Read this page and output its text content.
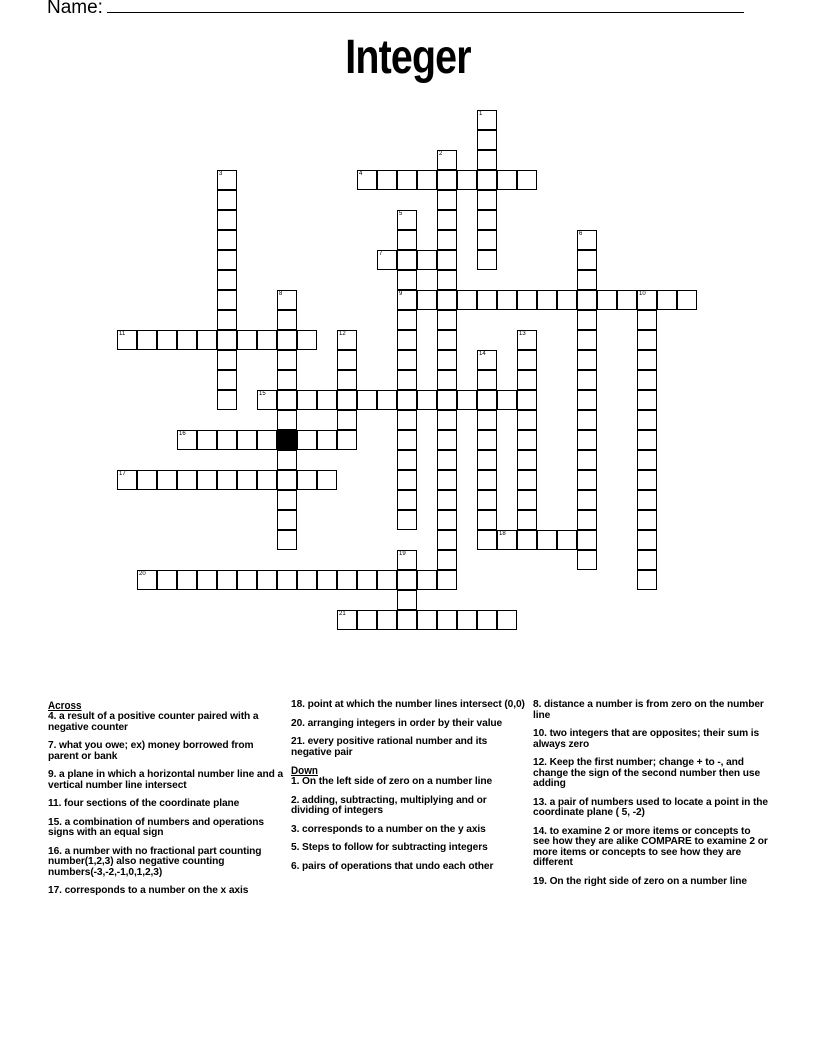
Name:
Integer
1
2
3	4
5
9
6
7
8	10
11	12	13
14
15
16
17
18
19
20
21

Across

4. a result of a positive counter paired with a negative counter

7. what you owe; ex) money borrowed from parent or bank

9. a plane in which a horizontal number line and a vertical number line intersect

11. four sections of the coordinate plane

15. a combination of numbers and operations signs with an equal sign

16. a number with no fractional part counting number(1,2,3) also negative counting numbers(-3,-2,-1,0,1,2,3)

17. corresponds to a number on the x axis

18. point at which the number lines intersect (0,0)

20. arranging integers in order by their value

21. every positive rational number and its negative pair

Down

1. On the left side of zero on a number line

2. adding, subtracting, multiplying and or dividing of integers

3. corresponds to a number on the y axis

5. Steps to follow for subtracting integers

6. pairs of operations that undo each other

8. distance a number is from zero on the number line

10. two integers that are opposites; their sum is always zero

12. Keep the first number; change + to -, and change the sign of the second number then use adding

13. a pair of numbers used to locate a point in the coordinate plane ( 5, -2)

14. to examine 2 or more items or concepts to see how they are alike COMPARE to examine 2 or more items or concepts to see how they are different

19. On the right side of zero on a number line
